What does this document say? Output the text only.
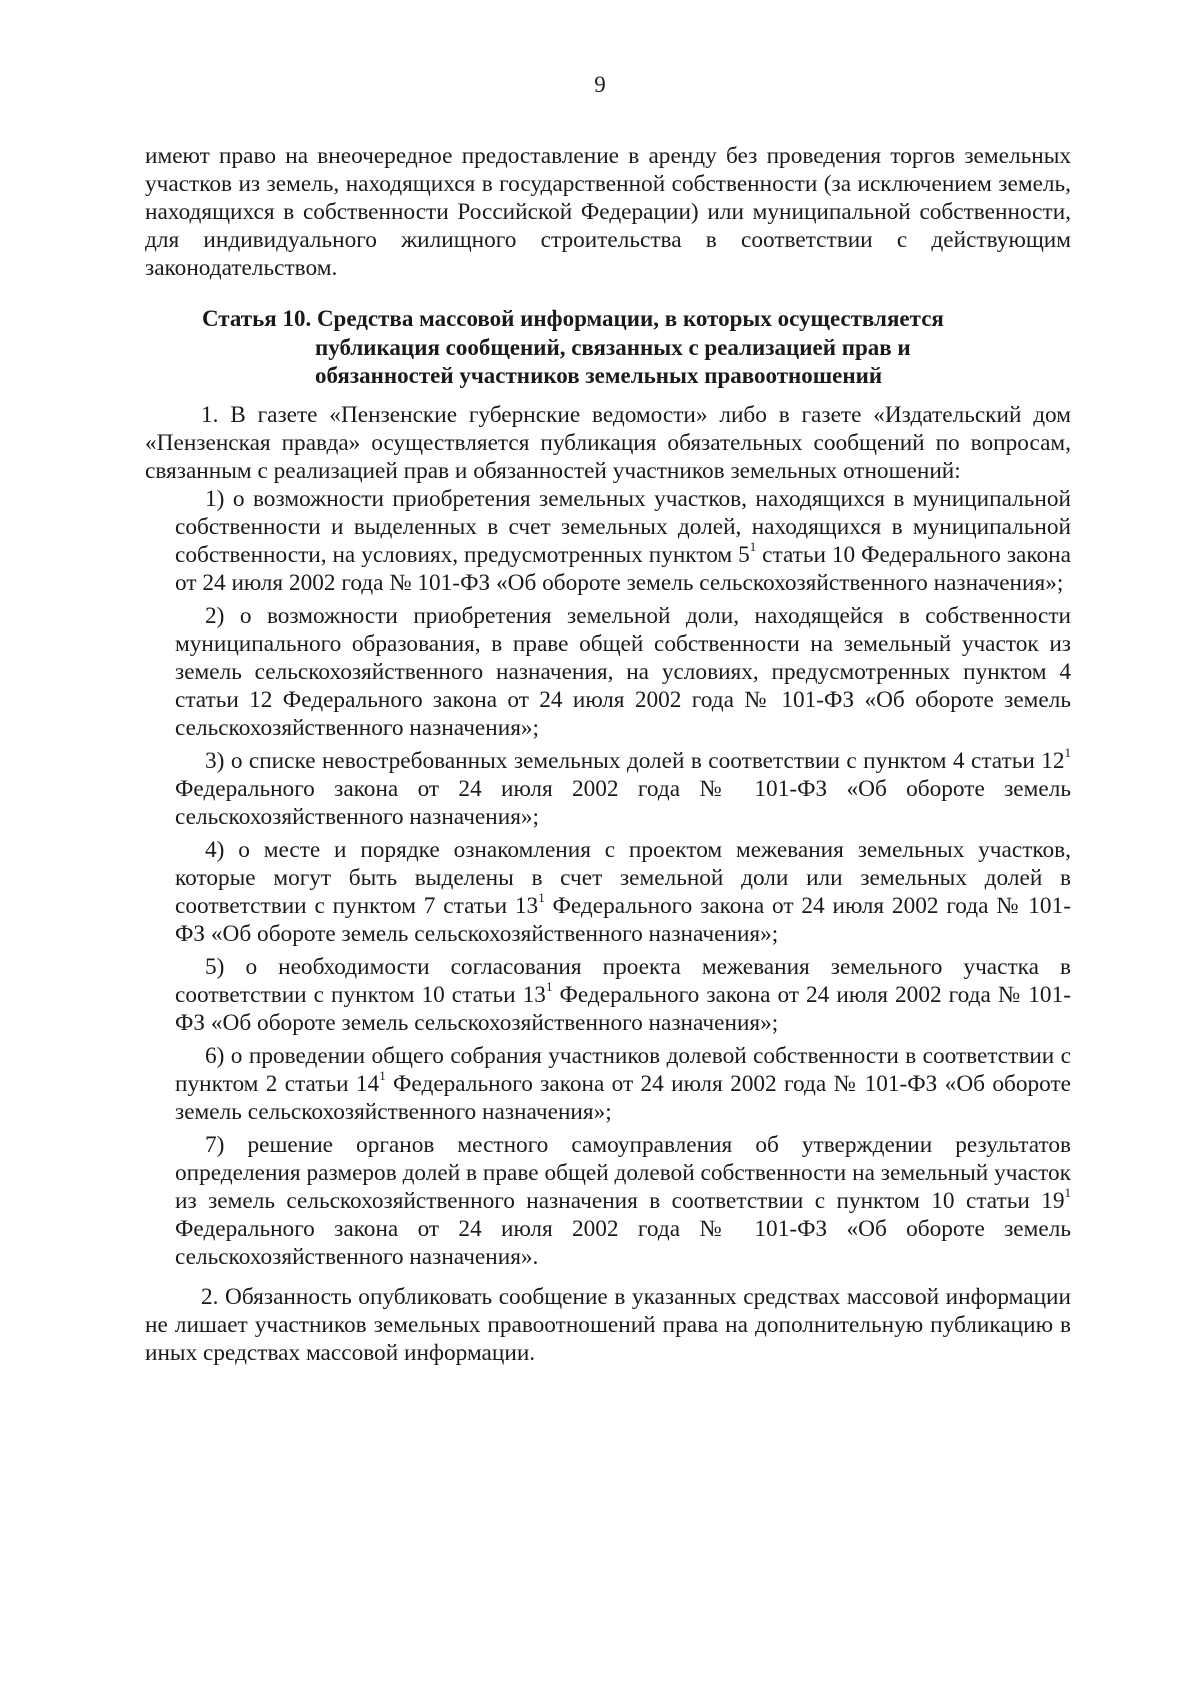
9

имеют право на внеочередное предоставление в аренду без проведения торгов земельных участков из земель, находящихся в государственной собственности (за исключением земель, находящихся в собственности Российской Федерации) или муниципальной собственности, для индивидуального жилищного строительства в соответствии с действующим законодательством.

Статья 10. Средства массовой информации, в которых осуществляется
публикация сообщений, связанных с реализацией прав и
обязанностей участников земельных правоотношений

1. В газете «Пензенские губернские ведомости» либо в газете «Издательский дом «Пензенская правда» осуществляется публикация обязательных сообщений по вопросам, связанным с реализацией прав и обязанностей участников земельных отношений:

1) о возможности приобретения земельных участков, находящихся в муниципальной собственности и выделенных в счет земельных долей, находящихся в муниципальной собственности, на условиях, предусмотренных пунктом $5^1$ статьи 10 Федерального закона от 24 июля 2002 года № 101-ФЗ «Об обороте земель сельскохозяйственного назначения»;

2) о возможности приобретения земельной доли, находящейся в собственности муниципального образования, в праве общей собственности на земельный участок из земель сельскохозяйственного назначения, на условиях, предусмотренных пунктом 4 статьи 12 Федерального закона от 24 июля 2002 года № 101-ФЗ «Об обороте земель сельскохозяйственного назначения»;

3) о списке невостребованных земельных долей в соответствии с пунктом 4 статьи $12^1$ Федерального закона от 24 июля 2002 года № 101-ФЗ «Об обороте земель сельскохозяйственного назначения»;

4) о месте и порядке ознакомления с проектом межевания земельных участков, которые могут быть выделены в счет земельной доли или земельных долей в соответствии с пунктом 7 статьи $13^1$ Федерального закона от 24 июля 2002 года № 101-ФЗ «Об обороте земель сельскохозяйственного назначения»;

5) о необходимости согласования проекта межевания земельного участка в соответствии с пунктом 10 статьи $13^1$ Федерального закона от 24 июля 2002 года № 101-ФЗ «Об обороте земель сельскохозяйственного назначения»;

6) о проведении общего собрания участников долевой собственности в соответствии с пунктом 2 статьи $14^1$ Федерального закона от 24 июля 2002 года № 101-ФЗ «Об обороте земель сельскохозяйственного назначения»;

7) решение органов местного самоуправления об утверждении результатов определения размеров долей в праве общей долевой собственности на земельный участок из земель сельскохозяйственного назначения в соответствии с пунктом 10 статьи $19^1$ Федерального закона от 24 июля 2002 года № 101-ФЗ «Об обороте земель сельскохозяйственного назначения».

2. Обязанность опубликовать сообщение в указанных средствах массовой информации не лишает участников земельных правоотношений права на дополнительную публикацию в иных средствах массовой информации.
